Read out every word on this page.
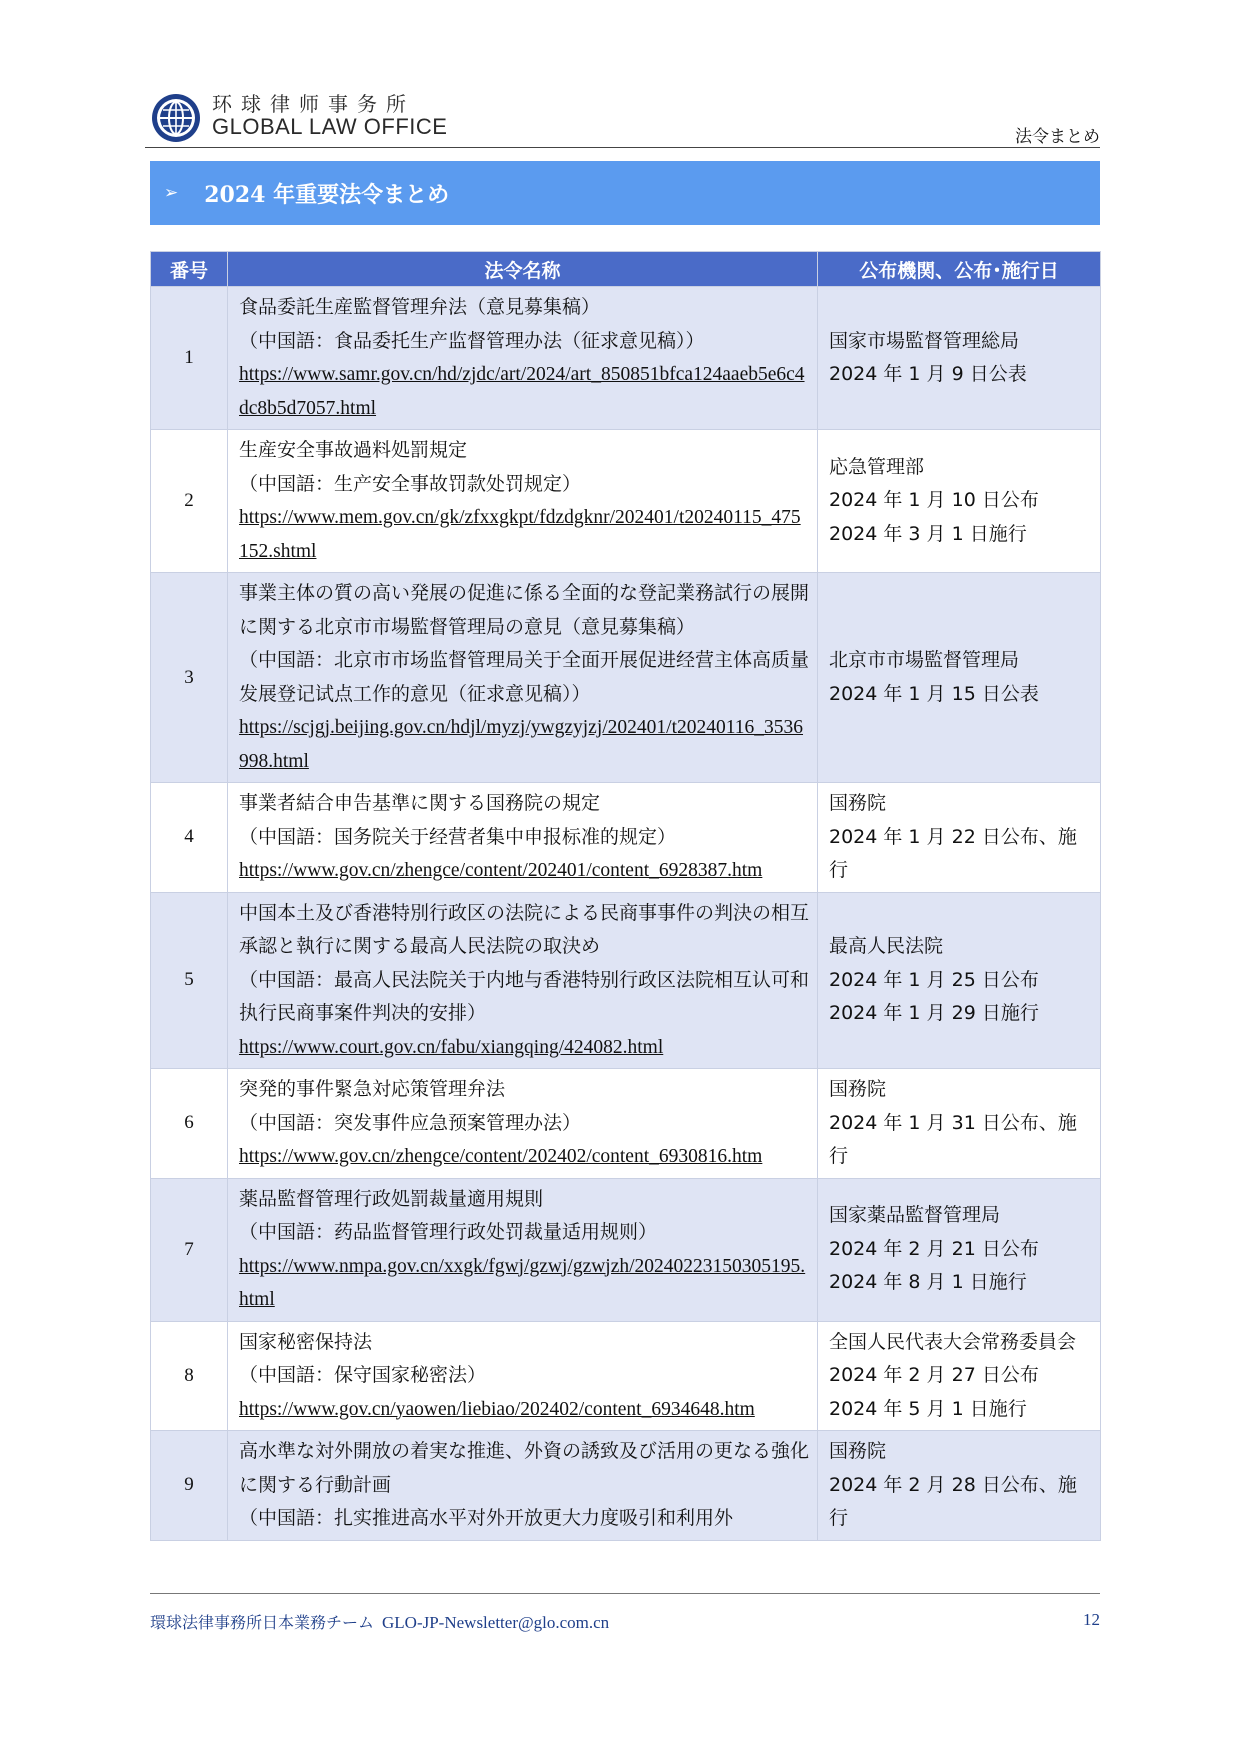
环球律师事务所
GLOBAL LAW OFFICE	法令まとめ
➢ 2024 年重要法令まとめ
番号	法令名称	公布機関、公布･施行日
1	食品委託生産監督管理弁法（意見募集稿）
（中国語：食品委托生产监督管理办法（征求意见稿））
https://www.samr.gov.cn/hd/zjdc/art/2024/art_850851bfca124aaeb5e6c4dc8b5d7057.html	国家市場監督管理総局
2024 年 1 月 9 日公表

2	生産安全事故過料処罰規定
（中国語：生产安全事故罚款处罚规定）
https://www.mem.gov.cn/gk/zfxxgkpt/fdzdgknr/202401/t20240115_475152.shtml	応急管理部
2024 年 1 月 10 日公布
2024 年 3 月 1 日施行

3	事業主体の質の高い発展の促進に係る全面的な登記業務試行の展開に関する北京市市場監督管理局の意見（意見募集稿）
（中国語：北京市市场监督管理局关于全面开展促进经营主体高质量发展登记试点工作的意见（征求意见稿））
https://scjgj.beijing.gov.cn/hdjl/myzj/ywgzyjzj/202401/t20240116_3536998.html	北京市市場監督管理局
2024 年 1 月 15 日公表

4	事業者結合申告基準に関する国務院の規定
（中国語：国务院关于经营者集中申报标准的规定）
https://www.gov.cn/zhengce/content/202401/content_6928387.htm	国務院
2024 年 1 月 22 日公布、施行

5	中国本土及び香港特別行政区の法院による民商事事件の判決の相互承認と執行に関する最高人民法院の取決め
（中国語：最高人民法院关于内地与香港特别行政区法院相互认可和执行民商事案件判决的安排）
https://www.court.gov.cn/fabu/xiangqing/424082.html	最高人民法院
2024 年 1 月 25 日公布
2024 年 1 月 29 日施行

6	突発的事件緊急対応策管理弁法
（中国語：突发事件应急预案管理办法）
https://www.gov.cn/zhengce/content/202402/content_6930816.htm	国務院
2024 年 1 月 31 日公布、施行

7	薬品監督管理行政処罰裁量適用規則
（中国語：药品监督管理行政处罚裁量适用规则）
https://www.nmpa.gov.cn/xxgk/fgwj/gzwj/gzwjzh/20240223150305195.html	国家薬品監督管理局
2024 年 2 月 21 日公布
2024 年 8 月 1 日施行

8	国家秘密保持法
（中国語：保守国家秘密法）
https://www.gov.cn/yaowen/liebiao/202402/content_6934648.htm	全国人民代表大会常務委員会
2024 年 2 月 27 日公布
2024 年 5 月 1 日施行

9	高水準な対外開放の着実な推進、外資の誘致及び活用の更なる強化に関する行動計画
（中国語：扎实推进高水平对外开放更大力度吸引和利用外	国務院
2024 年 2 月 28 日公布、施行
環球法律事務所日本業務チーム GLO-JP-Newsletter@glo.com.cn	12
